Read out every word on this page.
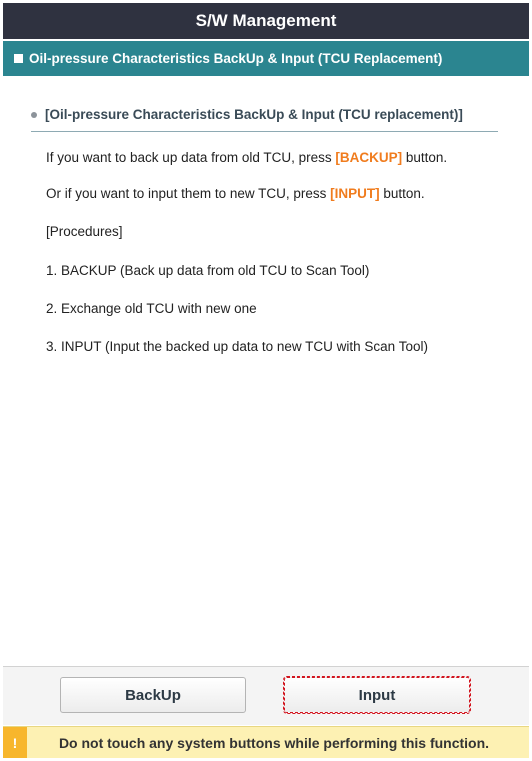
S/W Management
Oil-pressure Characteristics BackUp & Input (TCU Replacement)
[Oil-pressure Characteristics BackUp & Input (TCU replacement)]
If you want to back up data from old TCU, press [BACKUP] button.
Or if you want to input them to new TCU, press [INPUT] button.
[Procedures]
1. BACKUP (Back up data from old TCU to Scan Tool)
2. Exchange old TCU with new one
3. INPUT (Input the backed up data to new TCU with Scan Tool)
BackUp	Input
!	Do not touch any system buttons while performing this function.
